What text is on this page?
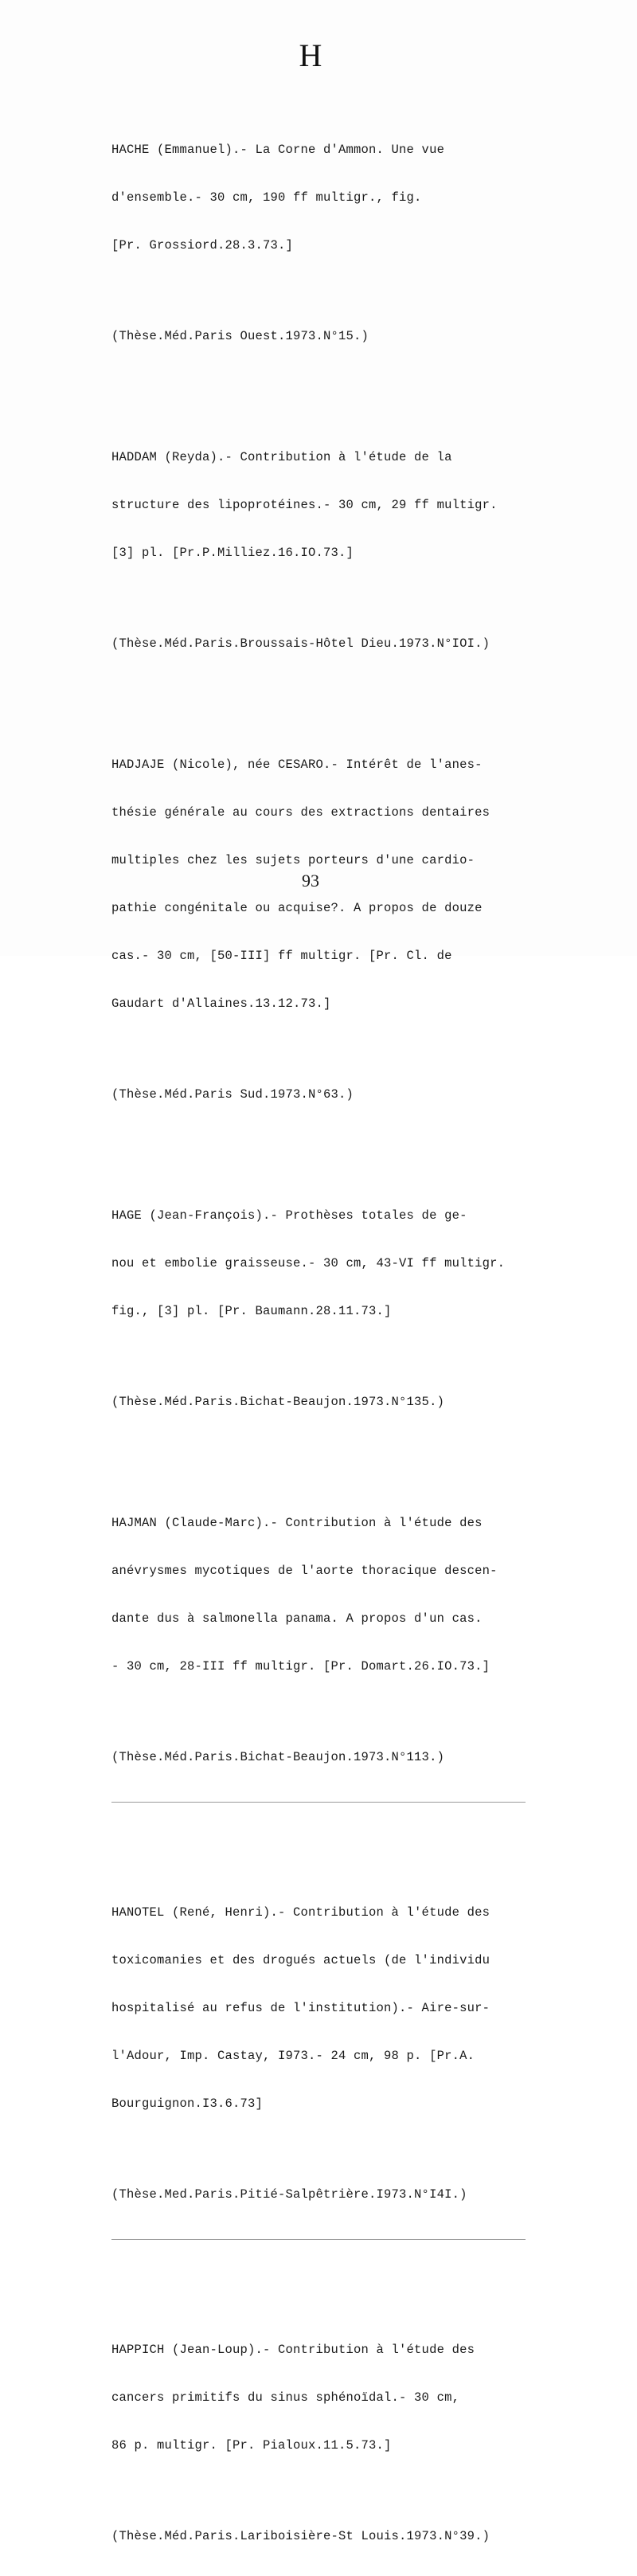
H

HACHE (Emmanuel).- La Corne d'Ammon. Une vue

d'ensemble.- 30 cm, 190 ff multigr., fig.

[Pr. Grossiord.28.3.73.]

(Thèse.Méd.Paris Ouest.1973.N°15.)

HADDAM (Reyda).- Contribution à l'étude de la

structure des lipoprotéines.- 30 cm, 29 ff multigr.

[3] pl. [Pr.P.Milliez.16.IO.73.]

(Thèse.Méd.Paris.Broussais-Hôtel Dieu.1973.N°IOI.)

HADJAJE (Nicole), née CESARO.- Intérêt de l'anes-

thésie générale au cours des extractions dentaires

multiples chez les sujets porteurs d'une cardio-

pathie congénitale ou acquise?. A propos de douze

cas.- 30 cm, [50-III] ff multigr. [Pr. Cl. de

Gaudart d'Allaines.13.12.73.]

(Thèse.Méd.Paris Sud.1973.N°63.)

HAGE (Jean-François).- Prothèses totales de ge-

nou et embolie graisseuse.- 30 cm, 43-VI ff multigr.

fig., [3] pl. [Pr. Baumann.28.11.73.]

(Thèse.Méd.Paris.Bichat-Beaujon.1973.N°135.)

HAJMAN (Claude-Marc).- Contribution à l'étude des

anévrysmes mycotiques de l'aorte thoracique descen-

dante dus à salmonella panama. A propos d'un cas.

- 30 cm, 28-III ff multigr. [Pr. Domart.26.IO.73.]

(Thèse.Méd.Paris.Bichat-Beaujon.1973.N°113.)

HANOTEL (René, Henri).- Contribution à l'étude des

toxicomanies et des drogués actuels (de l'individu

hospitalisé au refus de l'institution).- Aire-sur-

l'Adour, Imp. Castay, I973.- 24 cm, 98 p. [Pr.A.

Bourguignon.I3.6.73]

(Thèse.Med.Paris.Pitié-Salpêtrière.I973.N°I4I.)

HAPPICH (Jean-Loup).- Contribution à l'étude des

cancers primitifs du sinus sphénoïdal.- 30 cm,

86 p. multigr. [Pr. Pialoux.11.5.73.]

(Thèse.Méd.Paris.Lariboisière-St Louis.1973.N°39.)

93
